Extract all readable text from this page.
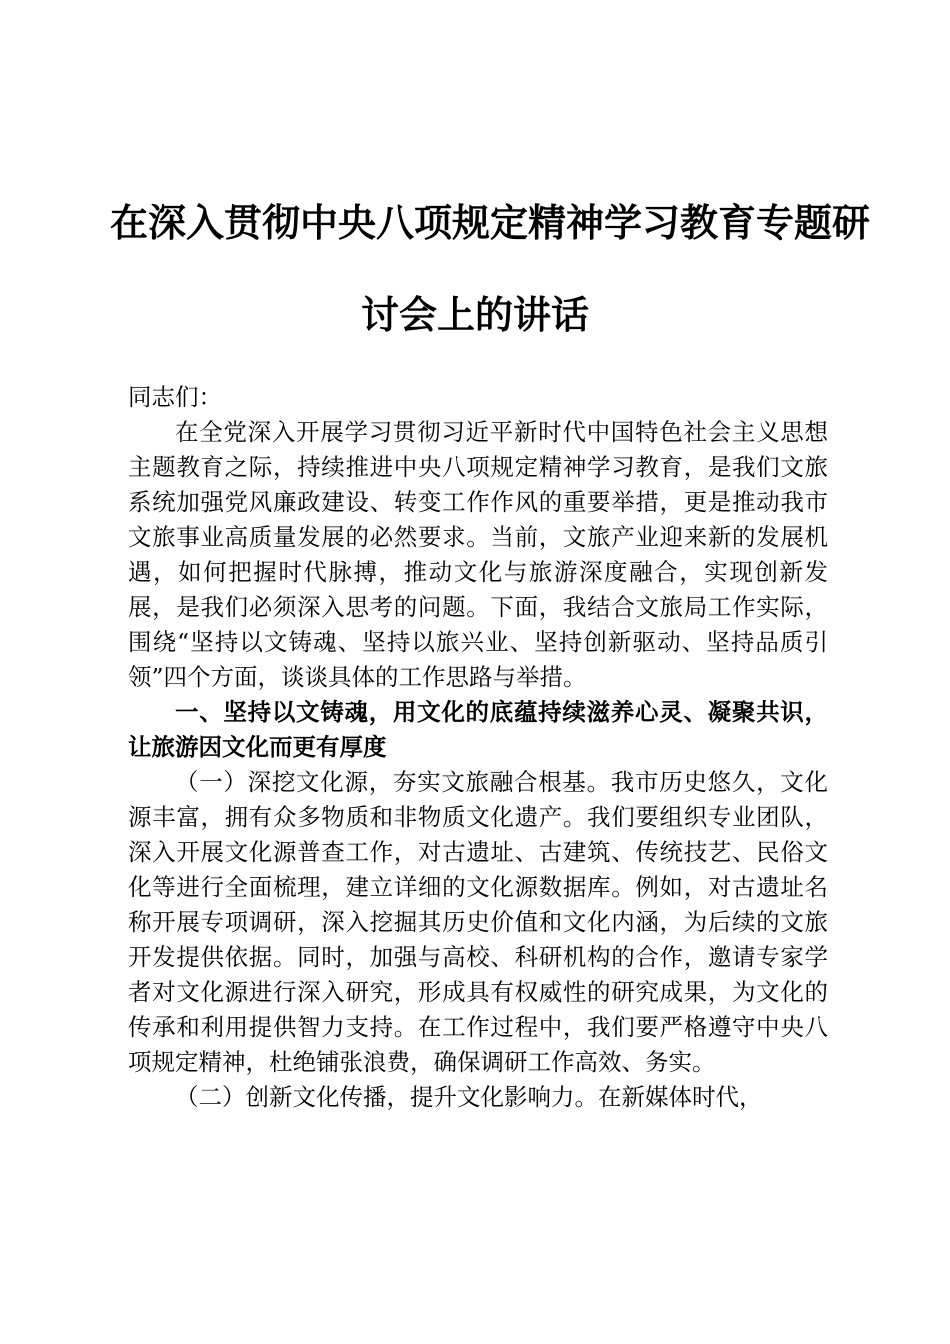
在深入贯彻中央八项规定精神学习教育专题研
讨会上的讲话

同志们：

在全党深入开展学习贯彻习近平新时代中国特色社会主义思想主题教育之际，持续推进中央八项规定精神学习教育，是我们文旅系统加强党风廉政建设、转变工作作风的重要举措，更是推动我市文旅事业高质量发展的必然要求。当前，文旅产业迎来新的发展机遇，如何把握时代脉搏，推动文化与旅游深度融合，实现创新发展，是我们必须深入思考的问题。下面，我结合文旅局工作实际，围绕“坚持以文铸魂、坚持以旅兴业、坚持创新驱动、坚持品质引领”四个方面，谈谈具体的工作思路与举措。

一、坚持以文铸魂，用文化的底蕴持续滋养心灵、凝聚共识，让旅游因文化而更有厚度

（一）深挖文化源，夯实文旅融合根基。我市历史悠久，文化源丰富，拥有众多物质和非物质文化遗产。我们要组织专业团队，深入开展文化源普查工作，对古遗址、古建筑、传统技艺、民俗文化等进行全面梳理，建立详细的文化源数据库。例如，对古遗址名称开展专项调研，深入挖掘其历史价值和文化内涵，为后续的文旅开发提供依据。同时，加强与高校、科研机构的合作，邀请专家学者对文化源进行深入研究，形成具有权威性的研究成果，为文化的传承和利用提供智力支持。在工作过程中，我们要严格遵守中央八项规定精神，杜绝铺张浪费，确保调研工作高效、务实。

（二）创新文化传播，提升文化影响力。在新媒体时代，
